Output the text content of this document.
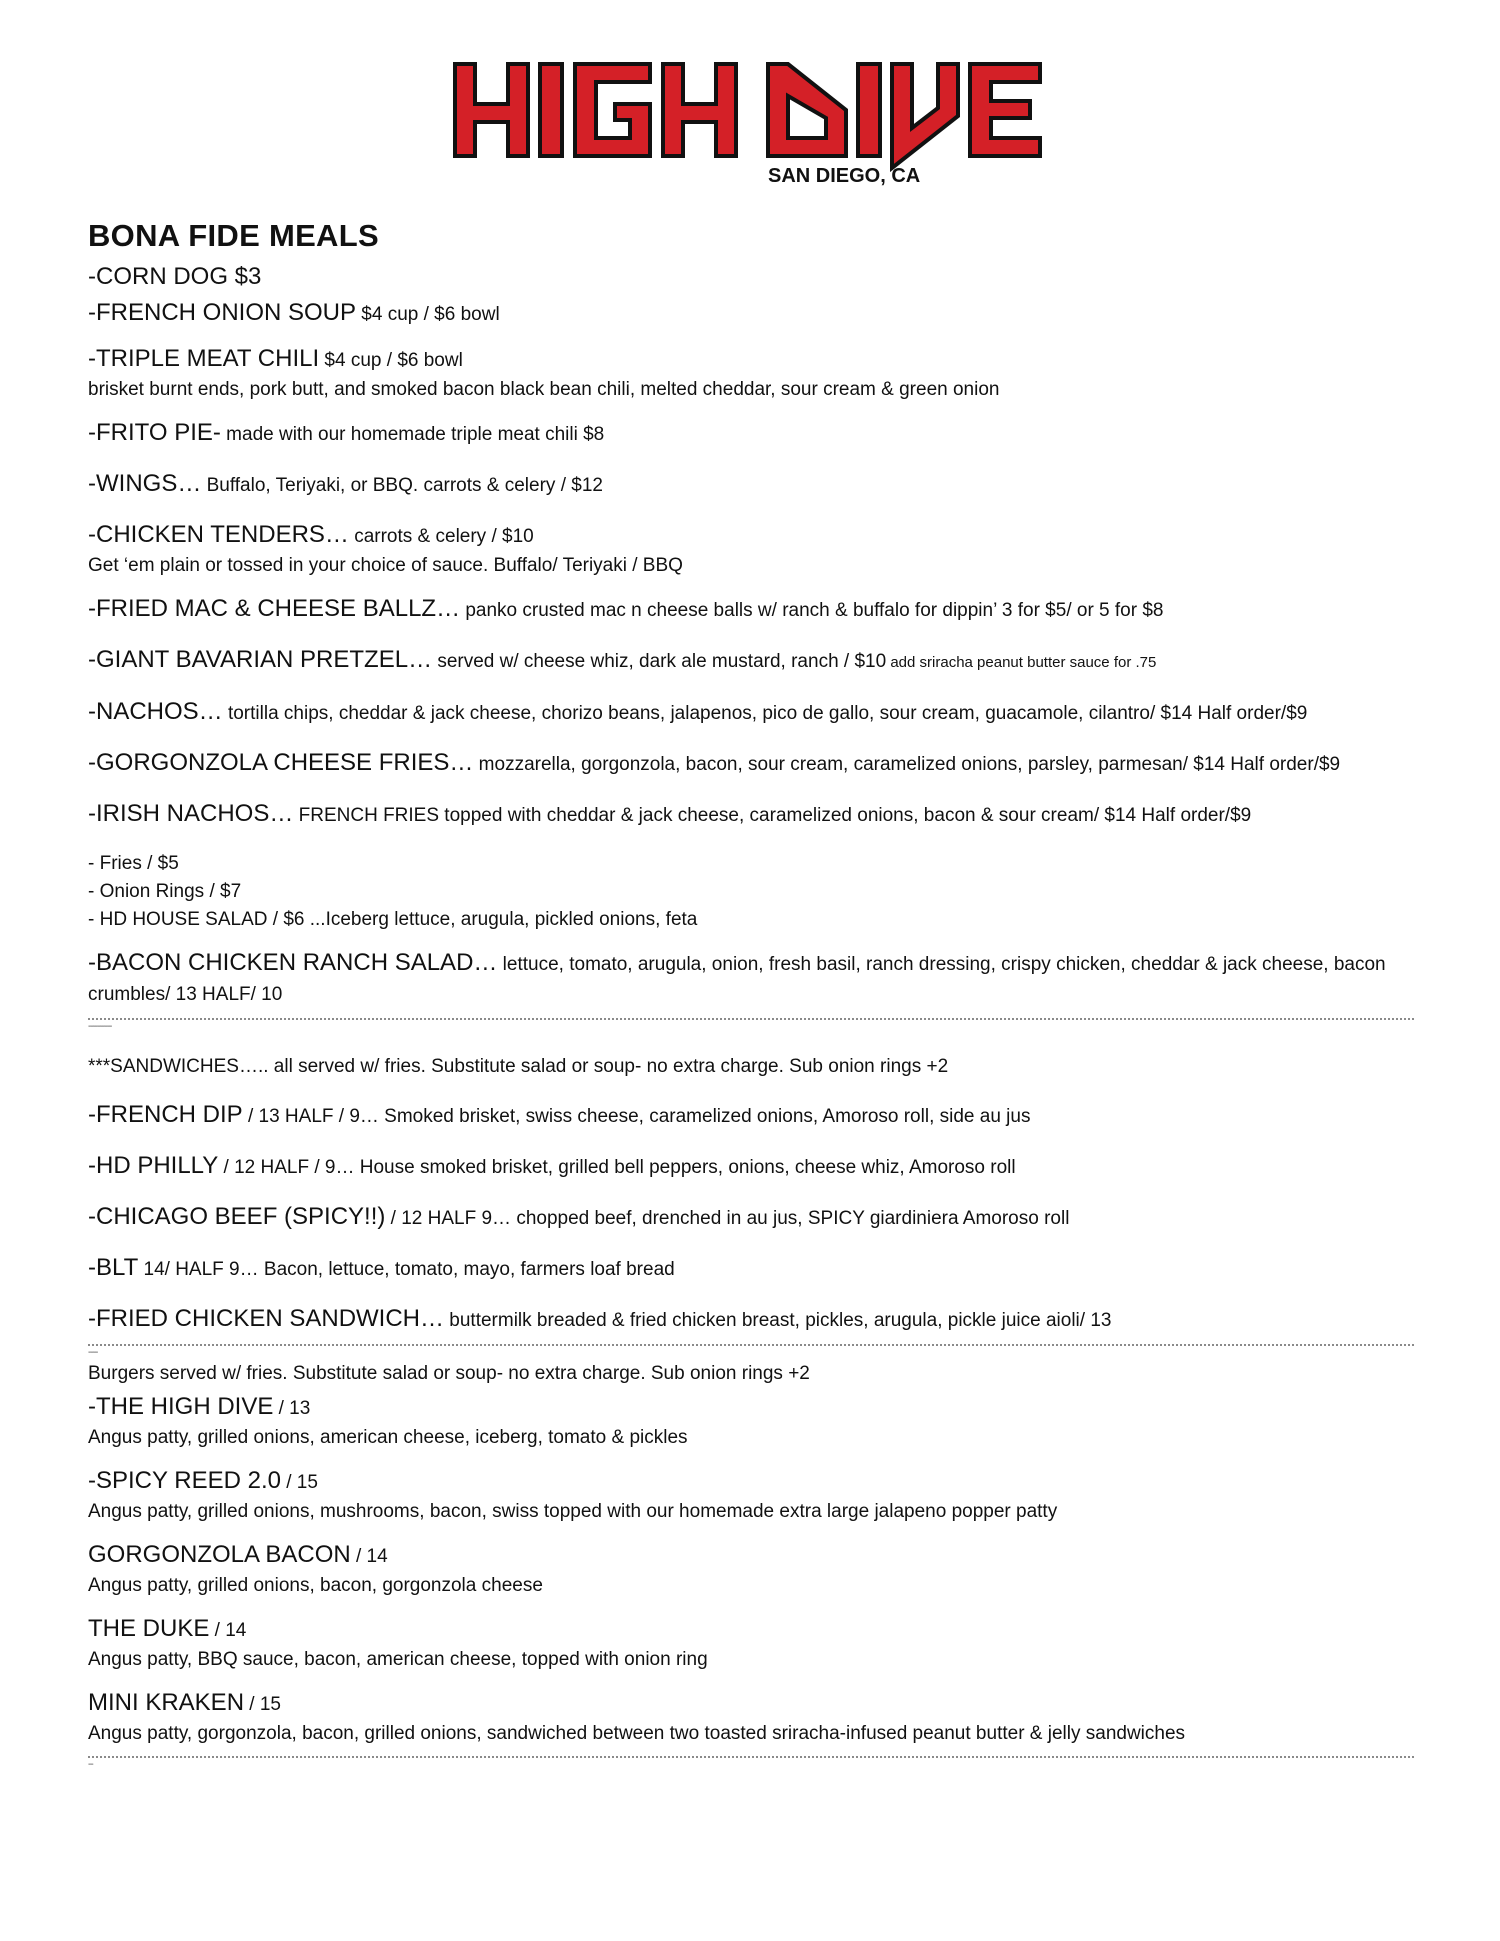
SAN DIEGO, CA
BONA FIDE MEALS
-CORN DOG $3
-FRENCH ONION SOUP $4 cup / $6 bowl
-TRIPLE MEAT CHILI $4 cup / $6 bowl
brisket burnt ends, pork butt, and smoked bacon black bean chili, melted cheddar, sour cream & green onion
-FRITO PIE- made with our homemade triple meat chili $8
-WINGS… Buffalo, Teriyaki, or BBQ. carrots & celery / $12
-CHICKEN TENDERS… carrots & celery / $10
Get ‘em plain or tossed in your choice of sauce. Buffalo/ Teriyaki / BBQ
-FRIED MAC & CHEESE BALLZ… panko crusted mac n cheese balls w/ ranch & buffalo for dippin’ 3 for $5/ or 5 for $8
-GIANT BAVARIAN PRETZEL… served w/ cheese whiz, dark ale mustard, ranch / $10 add sriracha peanut butter sauce for .75
-NACHOS… tortilla chips, cheddar & jack cheese, chorizo beans, jalapenos, pico de gallo, sour cream, guacamole, cilantro/ $14 Half order/$9
-GORGONZOLA CHEESE FRIES… mozzarella, gorgonzola, bacon, sour cream, caramelized onions, parsley, parmesan/ $14 Half order/$9
-IRISH NACHOS… FRENCH FRIES topped with cheddar & jack cheese, caramelized onions, bacon & sour cream/ $14 Half order/$9
- Fries / $5
- Onion Rings / $7
- HD HOUSE SALAD / $6 ...Iceberg lettuce, arugula, pickled onions, feta
-BACON CHICKEN RANCH SALAD… lettuce, tomato, arugula, onion, fresh basil, ranch dressing, crispy chicken, cheddar & jack cheese, bacon crumbles/ 13 HALF/ 10
----------
***SANDWICHES….. all served w/ fries. Substitute salad or soup- no extra charge. Sub onion rings +2
-FRENCH DIP / 13 HALF / 9… Smoked brisket, swiss cheese, caramelized onions, Amoroso roll, side au jus
-HD PHILLY / 12 HALF / 9… House smoked brisket, grilled bell peppers, onions, cheese whiz, Amoroso roll
-CHICAGO BEEF (SPICY!!) / 12 HALF 9… chopped beef, drenched in au jus, SPICY giardiniera Amoroso roll
-BLT 14/ HALF 9… Bacon, lettuce, tomato, mayo, farmers loaf bread
-FRIED CHICKEN SANDWICH… buttermilk breaded & fried chicken breast, pickles, arugula, pickle juice aioli/ 13
----
Burgers served w/ fries. Substitute salad or soup- no extra charge. Sub onion rings +2
-THE HIGH DIVE / 13
Angus patty, grilled onions, american cheese, iceberg, tomato & pickles
-SPICY REED 2.0 / 15
Angus patty, grilled onions, mushrooms, bacon, swiss topped with our homemade extra large jalapeno popper patty
GORGONZOLA BACON / 14
Angus patty, grilled onions, bacon, gorgonzola cheese
THE DUKE / 14
Angus patty, BBQ sauce, bacon, american cheese, topped with onion ring
MINI KRAKEN / 15
Angus patty, gorgonzola, bacon, grilled onions, sandwiched between two toasted sriracha-infused peanut butter & jelly sandwiches
--
